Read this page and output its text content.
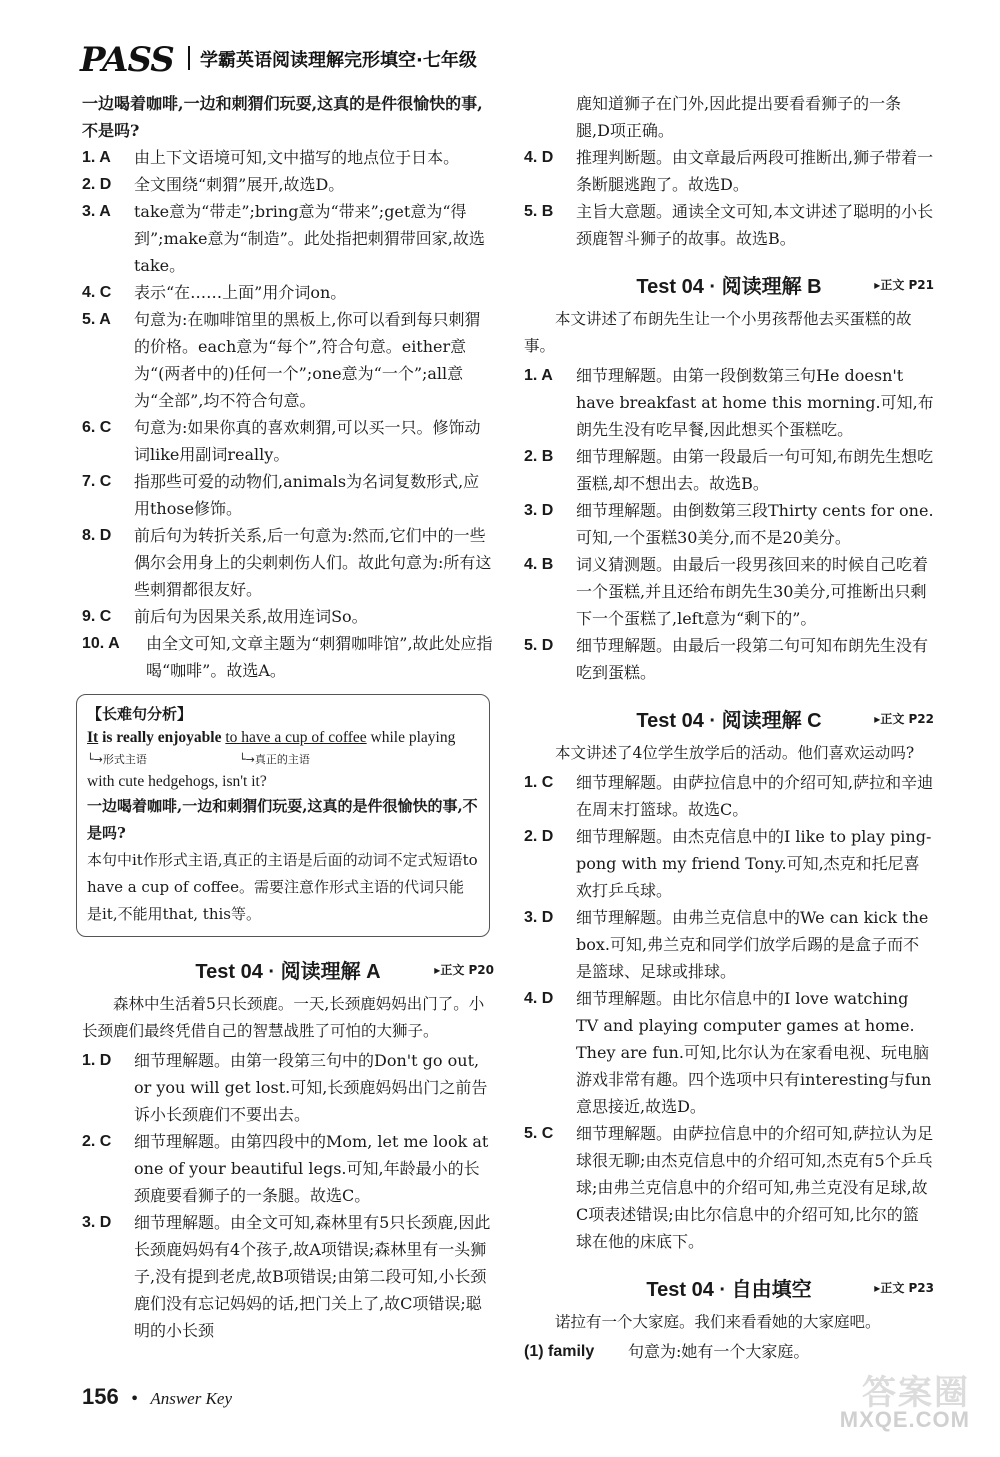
PASS 学霸英语阅读理解完形填空·七年级
一边喝着咖啡,一边和刺猬们玩耍,这真的是件很愉快的事,不是吗?
1. A 由上下文语境可知,文中描写的地点位于日本。
2. D 全文围绕“刺猬”展开,故选D。
3. A take意为“带走”;bring意为“带来”;get意为“得到”;make意为“制造”。此处指把刺猬带回家,故选take。
4. C 表示“在……上面”用介词on。
5. A 句意为:在咖啡馆里的黑板上,你可以看到每只刺猬的价格。each意为“每个”,符合句意。either意为“(两者中的)任何一个”;one意为“一个”;all意为“全部”,均不符合句意。
6. C 句意为:如果你真的喜欢刺猬,可以买一只。修饰动词like用副词really。
7. C 指那些可爱的动物们,animals为名词复数形式,应用those修饰。
8. D 前后句为转折关系,后一句意为:然而,它们中的一些偶尔会用身上的尖刺刺伤人们。故此句意为:所有这些刺猬都很友好。
9. C 前后句为因果关系,故用连词So。
10. A 由全文可知,文章主题为“刺猬咖啡馆”,故此处应指喝“咖啡”。故选A。
【长难句分析】
It is really enjoyable to have a cup of coffee while playing
└→形式主语	└→真正的主语
with cute hedgehogs, isn't it?
一边喝着咖啡,一边和刺猬们玩耍,这真的是件很愉快的事,不是吗?
本句中it作形式主语,真正的主语是后面的动词不定式短语to have a cup of coffee。需要注意作形式主语的代词只能是it,不能用that, this等。
Test 04 · 阅读理解 A	▸正文 P20
森林中生活着5只长颈鹿。一天,长颈鹿妈妈出门了。小长颈鹿们最终凭借自己的智慧战胜了可怕的大狮子。
1. D 细节理解题。由第一段第三句中的Don't go out, or you will get lost.可知,长颈鹿妈妈出门之前告诉小长颈鹿们不要出去。
2. C 细节理解题。由第四段中的Mom, let me look at one of your beautiful legs.可知,年龄最小的长颈鹿要看狮子的一条腿。故选C。
3. D 细节理解题。由全文可知,森林里有5只长颈鹿,因此长颈鹿妈妈有4个孩子,故A项错误;森林里有一头狮子,没有提到老虎,故B项错误;由第二段可知,小长颈鹿们没有忘记妈妈的话,把门关上了,故C项错误;聪明的小长颈
鹿知道狮子在门外,因此提出要看看狮子的一条腿,D项正确。
4. D 推理判断题。由文章最后两段可推断出,狮子带着一条断腿逃跑了。故选D。
5. B 主旨大意题。通读全文可知,本文讲述了聪明的小长颈鹿智斗狮子的故事。故选B。
Test 04 · 阅读理解 B	▸正文 P21
本文讲述了布朗先生让一个小男孩帮他去买蛋糕的故事。
1. A 细节理解题。由第一段倒数第三句He doesn't have breakfast at home this morning.可知,布朗先生没有吃早餐,因此想买个蛋糕吃。
2. B 细节理解题。由第一段最后一句可知,布朗先生想吃蛋糕,却不想出去。故选B。
3. D 细节理解题。由倒数第三段Thirty cents for one.可知,一个蛋糕30美分,而不是20美分。
4. B 词义猜测题。由最后一段男孩回来的时候自己吃着一个蛋糕,并且还给布朗先生30美分,可推断出只剩下一个蛋糕了,left意为“剩下的”。
5. D 细节理解题。由最后一段第二句可知布朗先生没有吃到蛋糕。
Test 04 · 阅读理解 C	▸正文 P22
本文讲述了4位学生放学后的活动。他们喜欢运动吗?
1. C 细节理解题。由萨拉信息中的介绍可知,萨拉和辛迪在周末打篮球。故选C。
2. D 细节理解题。由杰克信息中的I like to play ping-pong with my friend Tony.可知,杰克和托尼喜欢打乒乓球。
3. D 细节理解题。由弗兰克信息中的We can kick the box.可知,弗兰克和同学们放学后踢的是盒子而不是篮球、足球或排球。
4. D 细节理解题。由比尔信息中的I love watching TV and playing computer games at home. They are fun.可知,比尔认为在家看电视、玩电脑游戏非常有趣。四个选项中只有interesting与fun意思接近,故选D。
5. C 细节理解题。由萨拉信息中的介绍可知,萨拉认为足球很无聊;由杰克信息中的介绍可知,杰克有5个乒乓球;由弗兰克信息中的介绍可知,弗兰克没有足球,故C项表述错误;由比尔信息中的介绍可知,比尔的篮球在他的床底下。
Test 04 · 自由填空	▸正文 P23
诺拉有一个大家庭。我们来看看她的大家庭吧。
(1) family 句意为:她有一个大家庭。
156 • Answer Key	答案圈
MXQE.COM
